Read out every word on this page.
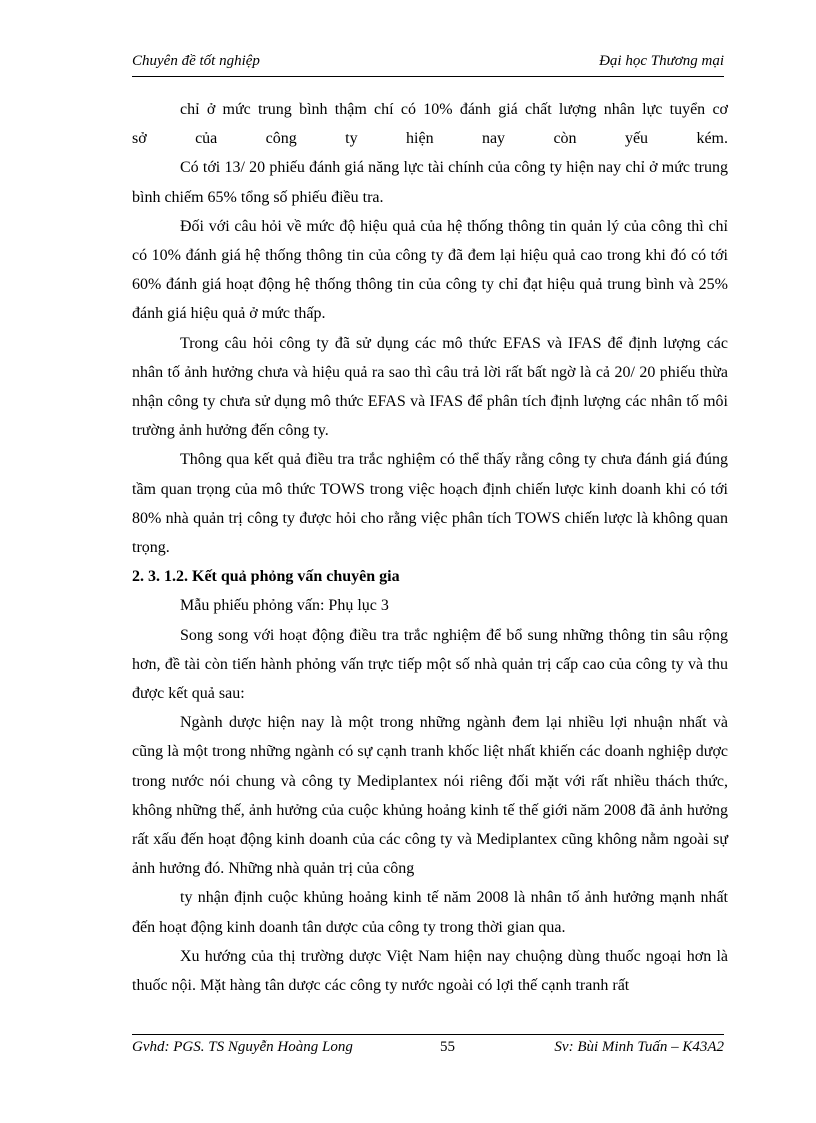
Chuyên đề tốt nghiệp	Đại học Thương mại

chỉ ở mức trung bình thậm chí có 10% đánh giá chất lượng nhân lực tuyển cơ

sở của công ty hiện nay còn yếu kém.

Có tới 13/ 20 phiếu đánh giá năng lực tài chính của công ty hiện nay chỉ ở mức trung bình chiếm 65% tổng số phiếu điều tra.

Đối với câu hỏi về mức độ hiệu quả của hệ thống thông tin quản lý của công thì chỉ có 10% đánh giá hệ thống thông tin của công ty đã đem lại hiệu quả cao trong khi đó có tới 60% đánh giá hoạt động hệ thống thông tin của công ty chỉ đạt hiệu quả trung bình và 25% đánh giá hiệu quả ở mức thấp.

Trong câu hỏi công ty đã sử dụng các mô thức EFAS và IFAS để định lượng các nhân tố ảnh hưởng chưa và hiệu quả ra sao thì câu trả lời rất bất ngờ là cả 20/ 20 phiếu thừa nhận công ty chưa sử dụng mô thức EFAS và IFAS để phân tích định lượng các nhân tố môi trường ảnh hưởng đến công ty.

Thông qua kết quả điều tra trắc nghiệm có thể thấy rằng công ty chưa đánh giá đúng tầm quan trọng của mô thức TOWS trong việc hoạch định chiến lược kinh doanh khi có tới 80% nhà quản trị công ty được hỏi cho rằng việc phân tích TOWS chiến lược là không quan trọng.

2. 3. 1.2. Kết quả phỏng vấn chuyên gia

Mẫu phiếu phỏng vấn: Phụ lục 3

Song song với hoạt động điều tra trắc nghiệm để bổ sung những thông tin sâu rộng hơn, đề tài còn tiến hành phỏng vấn trực tiếp một số nhà quản trị cấp cao của công ty và thu được kết quả sau:

Ngành dược hiện nay là một trong những ngành đem lại nhiều lợi nhuận nhất và cũng là một trong những ngành có sự cạnh tranh khốc liệt nhất khiến các doanh nghiệp dược trong nước nói chung và công ty Mediplantex nói riêng đối mặt với rất nhiều thách thức, không những thế, ảnh hưởng của cuộc khủng hoảng kinh tế thế giới năm 2008 đã ảnh hưởng rất xấu đến hoạt động kinh doanh của các công ty và Mediplantex cũng không nằm ngoài sự ảnh hưởng đó. Những nhà quản trị của công

ty nhận định cuộc khủng hoảng kinh tế năm 2008 là nhân tố ảnh hưởng mạnh nhất đến hoạt động kinh doanh tân dược của công ty trong thời gian qua.

Xu hướng của thị trường dược Việt Nam hiện nay chuộng dùng thuốc ngoại hơn là thuốc nội. Mặt hàng tân dược các công ty nước ngoài có lợi thế cạnh tranh rất

Gvhd: PGS. TS Nguyễn Hoàng Long	55	Sv: Bùi Minh Tuấn – K43A2
